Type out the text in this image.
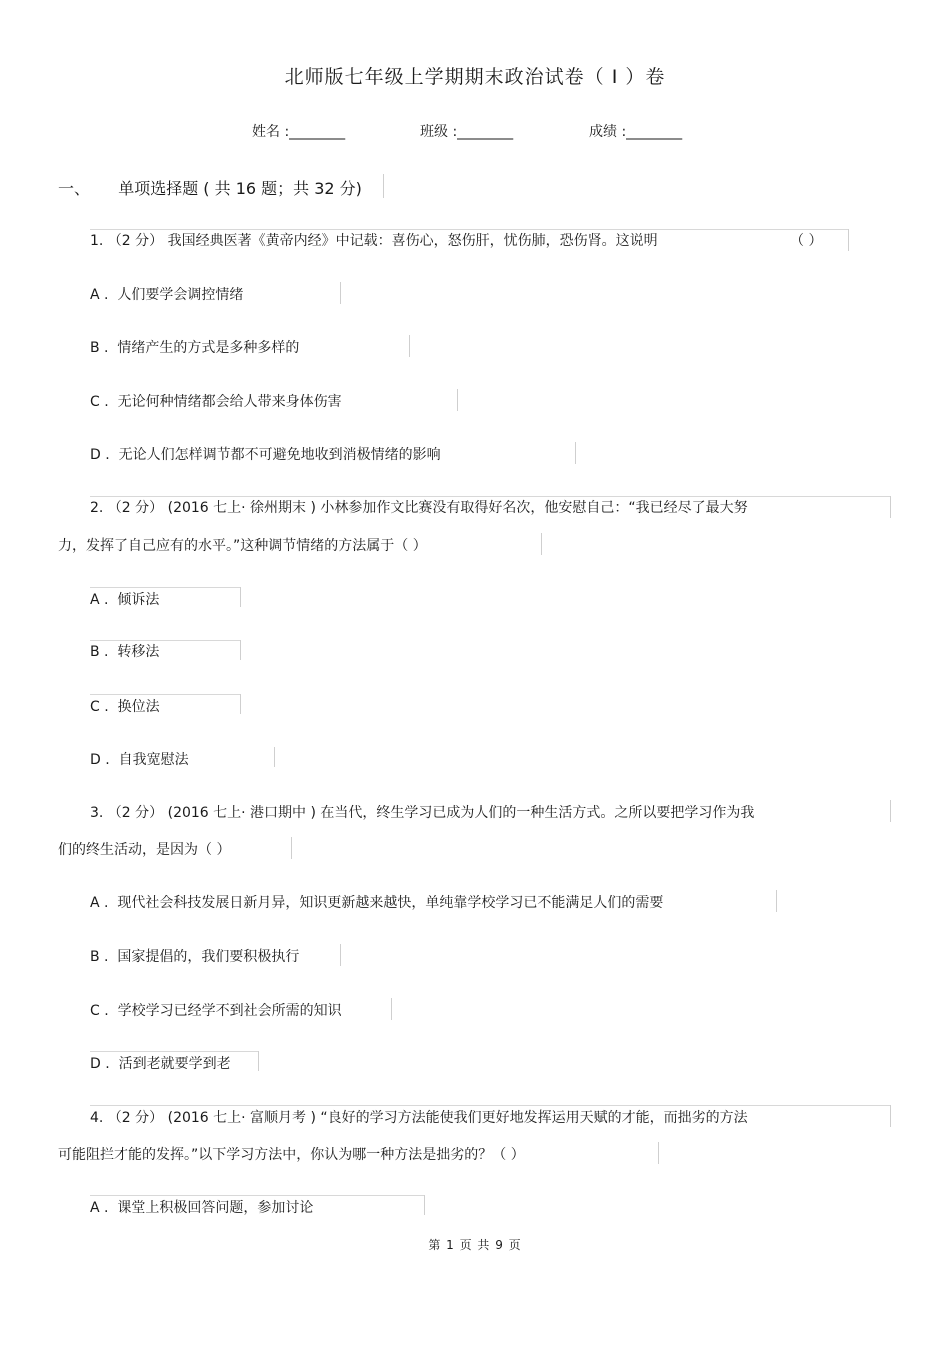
北师版七年级上学期期末政治试卷（ I ）卷
姓名 :________	班级 :________	成绩 :________
一、 单项选择题 ( 共 16 题；共 32 分)
1. （2 分） 我国经典医著《黄帝内经》中记载：喜伤心，怒伤肝，忧伤肺，恐伤肾。这说明	（ ）
A . 人们要学会调控情绪
B . 情绪产生的方式是多种多样的
C . 无论何种情绪都会给人带来身体伤害
D . 无论人们怎样调节都不可避免地收到消极情绪的影响
2. （2 分） (2016 七上· 徐州期末 ) 小林参加作文比赛没有取得好名次，他安慰自己：“我已经尽了最大努
力，发挥了自己应有的水平。”这种调节情绪的方法属于（ ）
A . 倾诉法
B . 转移法
C . 换位法
D . 自我宽慰法
3. （2 分） (2016 七上· 港口期中 ) 在当代，终生学习已成为人们的一种生活方式。之所以要把学习作为我
们的终生活动，是因为（ ）
A . 现代社会科技发展日新月异，知识更新越来越快，单纯靠学校学习已不能满足人们的需要
B . 国家提倡的，我们要积极执行
C . 学校学习已经学不到社会所需的知识
D . 活到老就要学到老
4. （2 分） (2016 七上· 富顺月考 ) “良好的学习方法能使我们更好地发挥运用天赋的才能，而拙劣的方法
可能阻拦才能的发挥。”以下学习方法中，你认为哪一种方法是拙劣的？（ ）
A . 课堂上积极回答问题，参加讨论
第 1 页 共 9 页
